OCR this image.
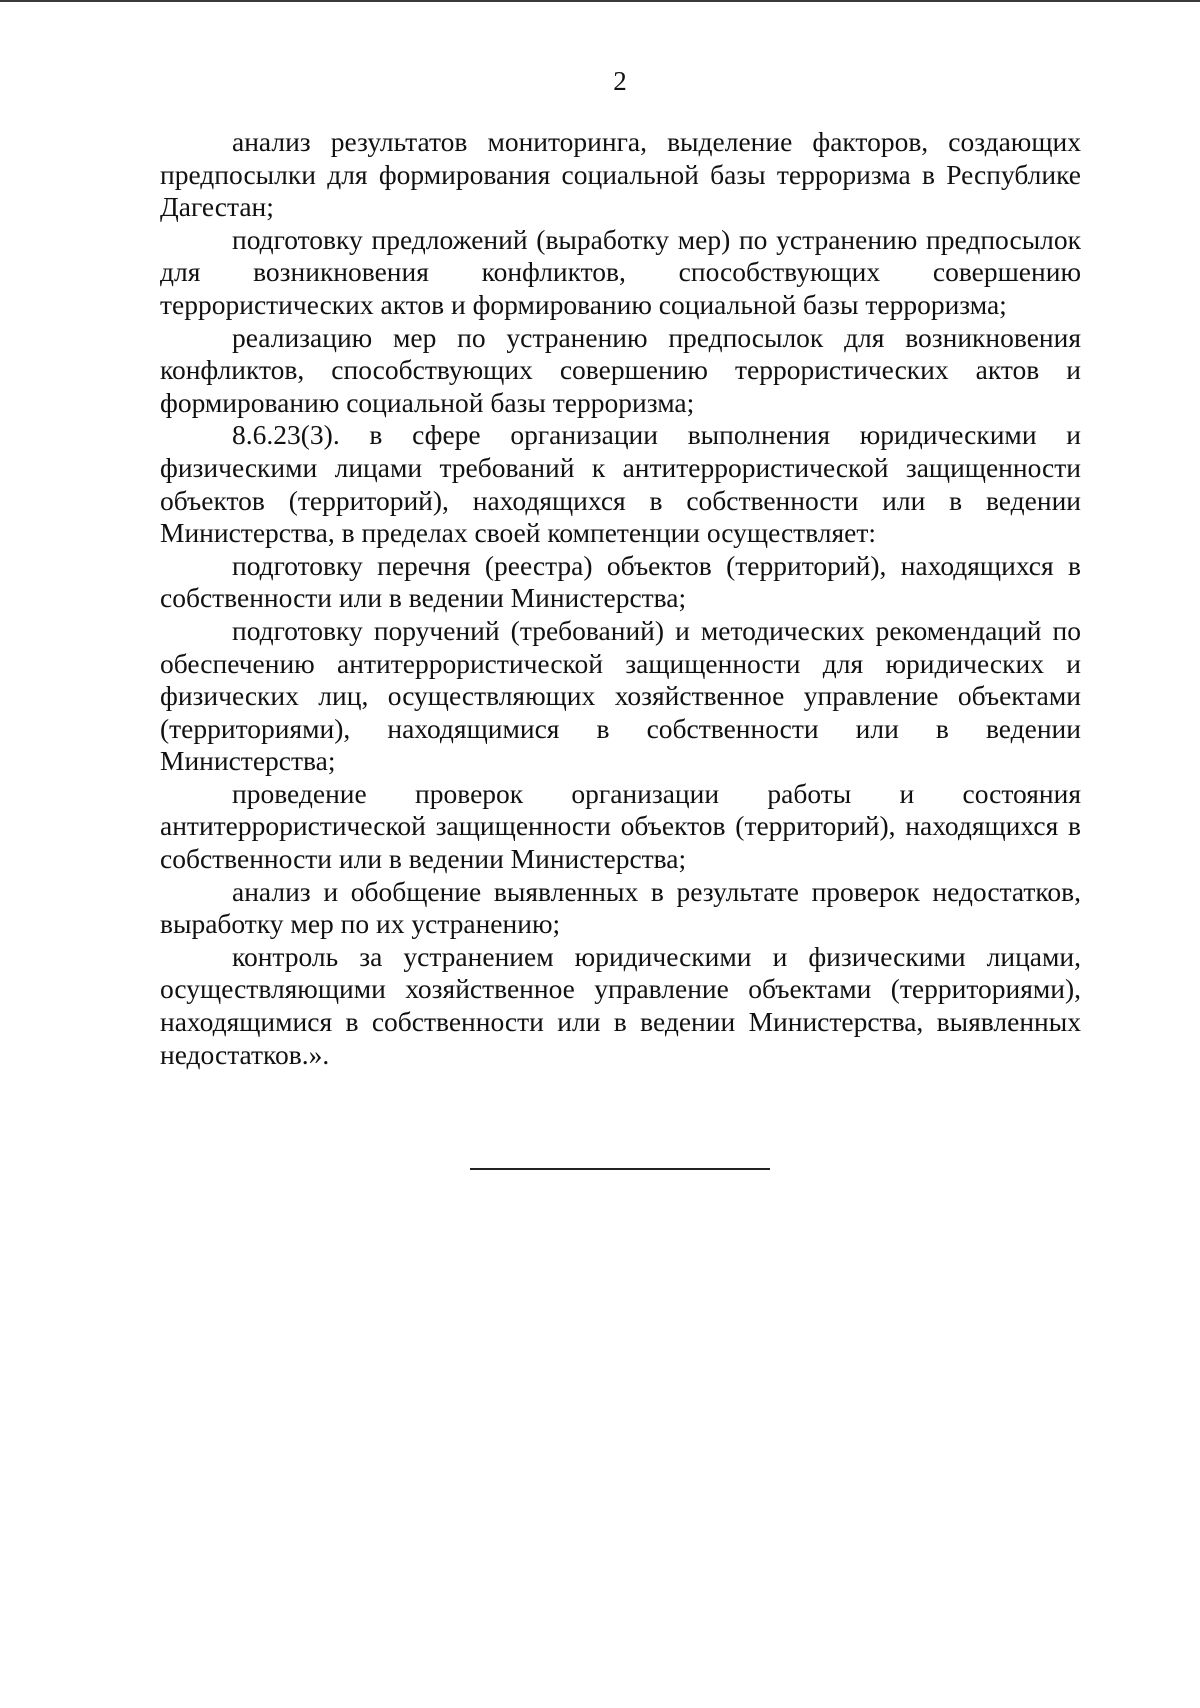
2

анализ результатов мониторинга, выделение факторов, создающих предпосылки для формирования социальной базы терроризма в Республике Дагестан;

подготовку предложений (выработку мер) по устранению предпосылок для возникновения конфликтов, способствующих совершению террористических актов и формированию социальной базы терроризма;

реализацию мер по устранению предпосылок для возникновения конфликтов, способствующих совершению террористических актов и формированию социальной базы терроризма;

8.6.23(3). в сфере организации выполнения юридическими и физическими лицами требований к антитеррористической защищенности объектов (территорий), находящихся в собственности или в ведении Министерства, в пределах своей компетенции осуществляет:

подготовку перечня (реестра) объектов (территорий), находящихся в собственности или в ведении Министерства;

подготовку поручений (требований) и методических рекомендаций по обеспечению антитеррористической защищенности для юридических и физических лиц, осуществляющих хозяйственное управление объектами (территориями), находящимися в собственности или в ведении Министерства;

проведение проверок организации работы и состояния антитеррористической защищенности объектов (территорий), находящихся в собственности или в ведении Министерства;

анализ и обобщение выявленных в результате проверок недостатков, выработку мер по их устранению;

контроль за устранением юридическими и физическими лицами, осуществляющими хозяйственное управление объектами (территориями), находящимися в собственности или в ведении Министерства, выявленных недостатков.».
